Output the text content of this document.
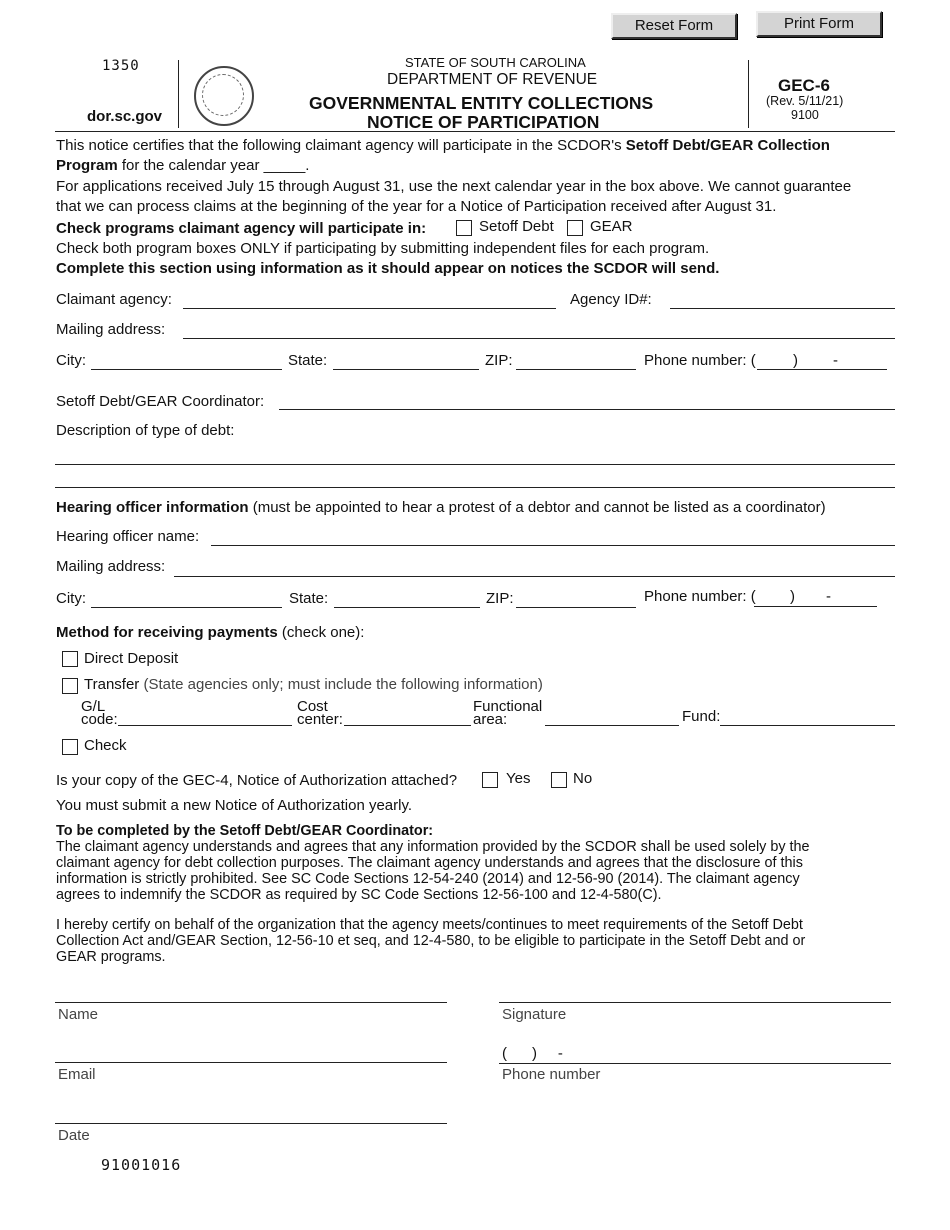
Reset Form	Print Form
1350
dor.sc.gov
STATE OF SOUTH CAROLINA
DEPARTMENT OF REVENUE
GOVERNMENTAL ENTITY COLLECTIONS
NOTICE OF PARTICIPATION
GEC-6
(Rev. 5/11/21)
9100
This notice certifies that the following claimant agency will participate in the SCDOR's Setoff Debt/GEAR Collection
Program for the calendar year _____.
For applications received July 15 through August 31, use the next calendar year in the box above. We cannot guarantee
that we can process claims at the beginning of the year for a Notice of Participation received after August 31.
Check programs claimant agency will participate in:	Setoff Debt GEAR
Check both program boxes ONLY if participating by submitting independent files for each program.
Complete this section using information as it should appear on notices the SCDOR will send.
Claimant agency:	Agency ID#:
Mailing address:
City:	State:	ZIP:	Phone number: ( ) -
Setoff Debt/GEAR Coordinator:
Description of type of debt:
Hearing officer information (must be appointed to hear a protest of a debtor and cannot be listed as a coordinator)
Hearing officer name:
Mailing address:
City:	State:	ZIP:	Phone number: ( ) -
Method for receiving payments (check one):
Direct Deposit
Transfer (State agencies only; must include the following information)
G/L
code:
Cost
center:
Functional
area:	Fund:
Check
Is your copy of the GEC-4, Notice of Authorization attached?	Yes	No
You must submit a new Notice of Authorization yearly.
To be completed by the Setoff Debt/GEAR Coordinator:
The claimant agency understands and agrees that any information provided by the SCDOR shall be used solely by the
claimant agency for debt collection purposes. The claimant agency understands and agrees that the disclosure of this
information is strictly prohibited. See SC Code Sections 12-54-240 (2014) and 12-56-90 (2014). The claimant agency
agrees to indemnify the SCDOR as required by SC Code Sections 12-56-100 and 12-4-580(C).
I hereby certify on behalf of the organization that the agency meets/continues to meet requirements of the Setoff Debt
Collection Act and/GEAR Section, 12-56-10 et seq, and 12-4-580, to be eligible to participate in the Setoff Debt and or
GEAR programs.
Name	Signature
Email
(      )     -
Phone number
Date
91001016
